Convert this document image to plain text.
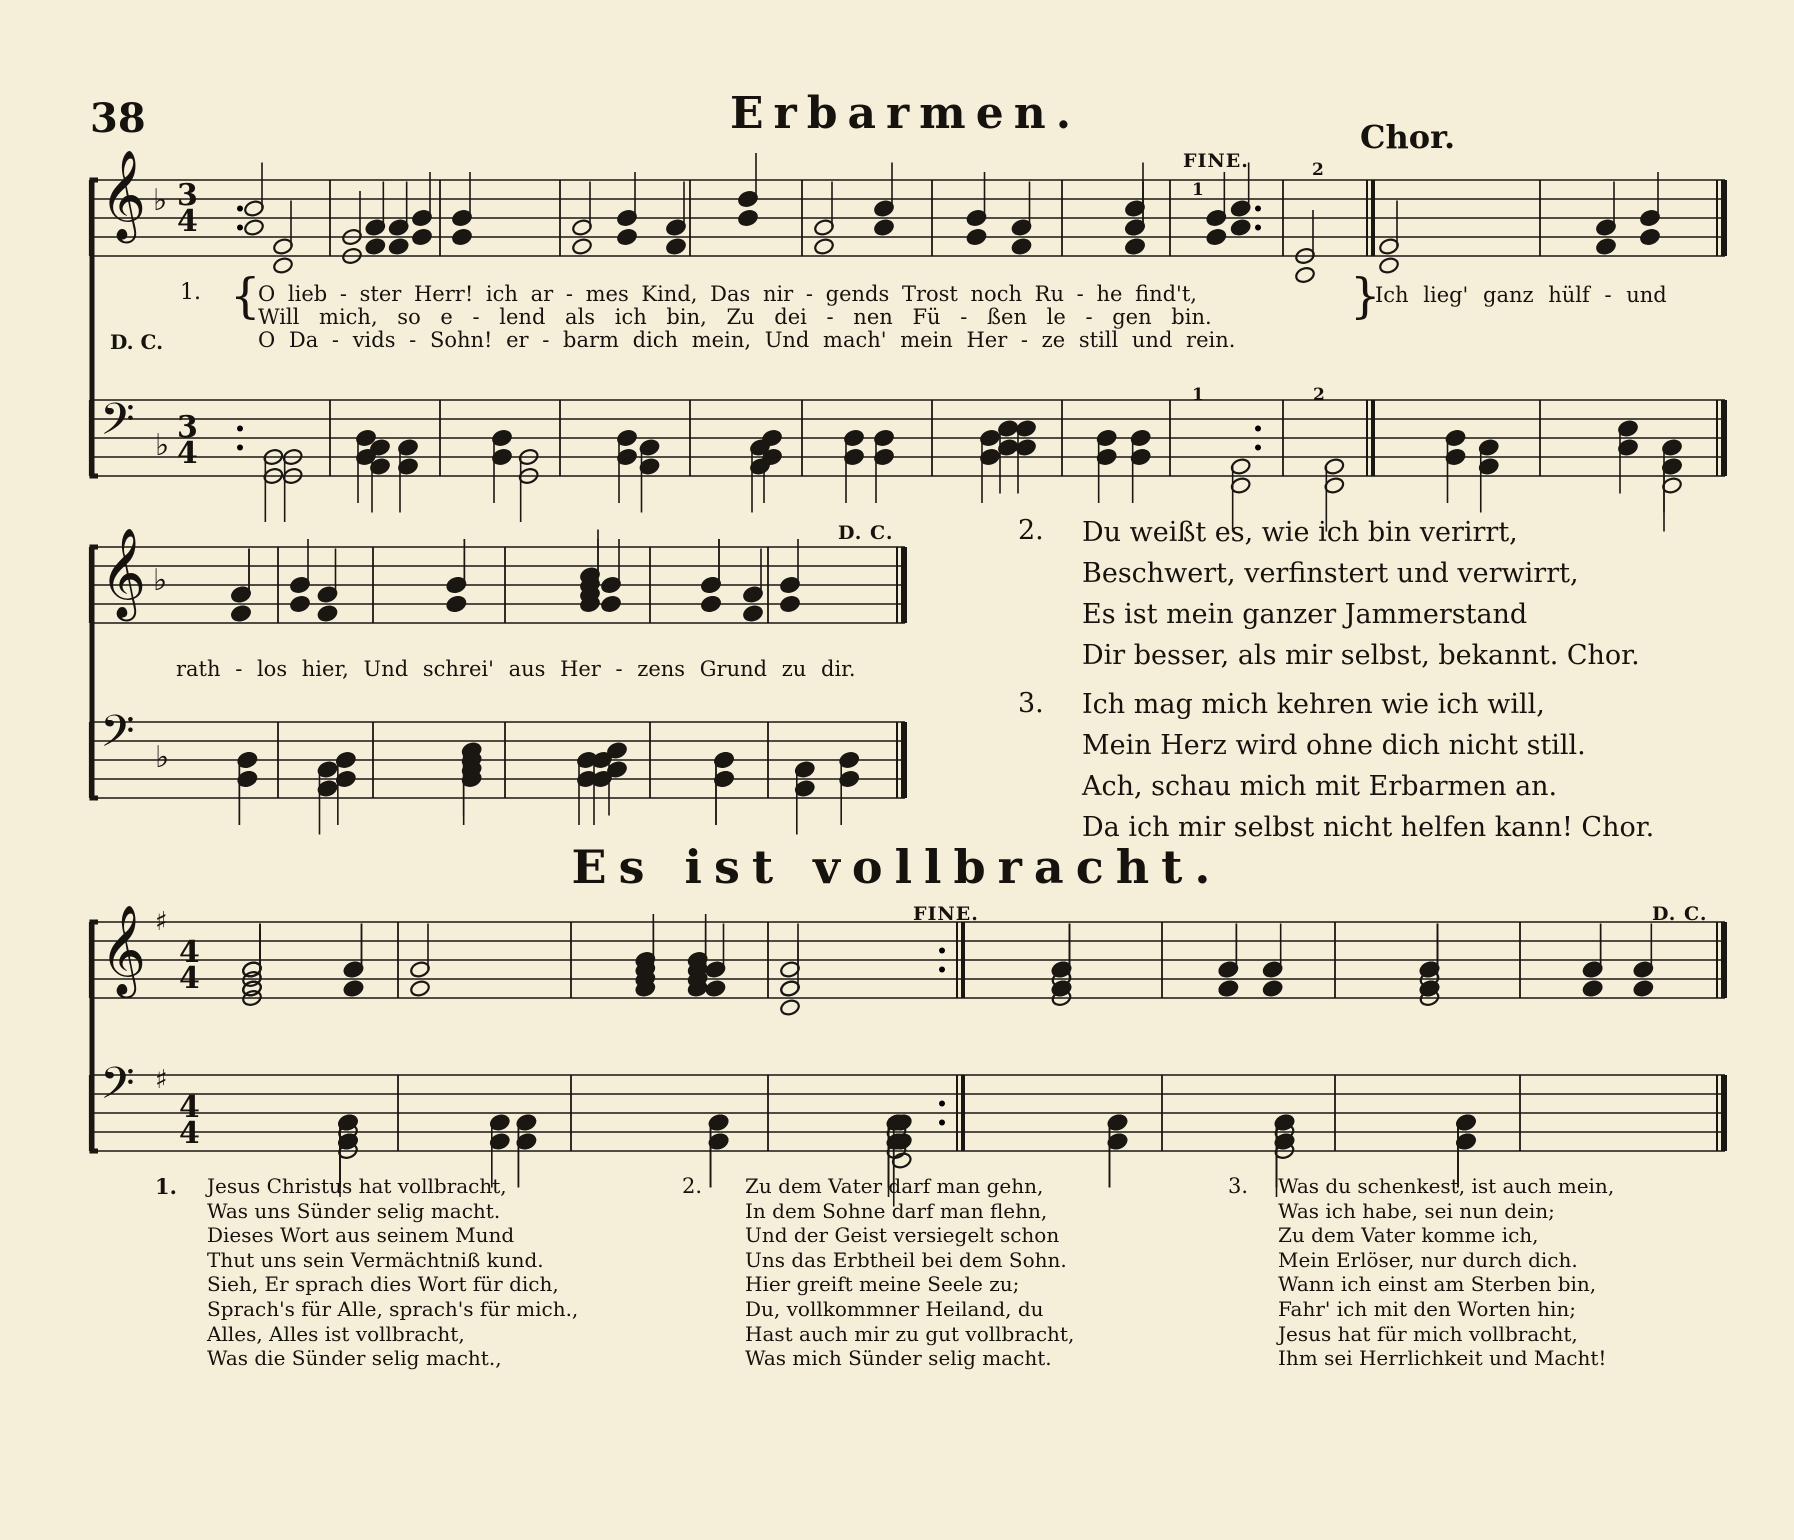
38	Erbarmen.	Chor.
𝄞 ♭ 3
4
𝄢 ♭
3
4
𝄞 ♭
𝄢 ♭
𝄞 ♯
4
4
𝄢 ♯
4
4
FINE.
1
2
1	2
D. C.
1. {
O lieb - ster Herr! ich ar - mes Kind, Das nir - gends Trost noch Ru - he find't,
Will mich, so e - lend als ich bin, Zu dei - nen Fü - ßen le - gen bin.	}
Ich lieg' ganz hülf - und
D. C.	O Da - vids - Sohn! er - barm dich mein, Und mach' mein Her - ze still und rein.
rath - los hier, Und schrei' aus Her - zens Grund zu dir.
2. Du weißt es, wie ich bin verirrt,
Beschwert, verfinstert und verwirrt,
Es ist mein ganzer Jammerstand
Dir besser, als mir selbst, bekannt. Chor.
3. Ich mag mich kehren wie ich will,
Mein Herz wird ohne dich nicht still.
Ach, schau mich mit Erbarmen an.
Da ich mir selbst nicht helfen kann! Chor.
Es ist vollbracht.
FINE.	D. C.
1. Jesus Christus hat vollbracht,
Was uns Sünder selig macht.
Dieses Wort aus seinem Mund
Thut uns sein Vermächtniß kund.
Sieh, Er sprach dies Wort für dich,
Sprach's für Alle, sprach's für mich.,
Alles, Alles ist vollbracht,
Was die Sünder selig macht.,
2. Zu dem Vater darf man gehn,
In dem Sohne darf man flehn,
Und der Geist versiegelt schon
Uns das Erbtheil bei dem Sohn.
Hier greift meine Seele zu;
Du, vollkommner Heiland, du
Hast auch mir zu gut vollbracht,
Was mich Sünder selig macht.
3. Was du schenkest, ist auch mein,
Was ich habe, sei nun dein;
Zu dem Vater komme ich,
Mein Erlöser, nur durch dich.
Wann ich einst am Sterben bin,
Fahr' ich mit den Worten hin;
Jesus hat für mich vollbracht,
Ihm sei Herrlichkeit und Macht!
